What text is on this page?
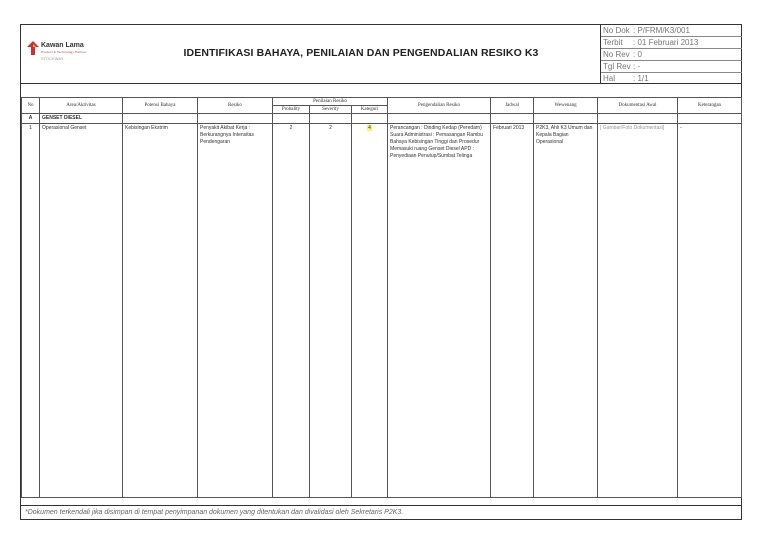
Kawan Lama
Product & Technology Partner
STOCKWAY	IDENTIFIKASI BAHAYA, PENILAIAN DAN PENGENDALIAN RESIKO K3
No Dok : P/FRM/K3/001
Terbit : 01 Februari 2013
No Rev : 0
Tgl Rev : -
Hal : 1/1
No	Area/Aktivitas	Potensi Bahaya	Resiko	Penilaian Resiko			Pengendalian Resiko	Jadwal	Wewenang	Dokumentasi Awal	Keterangan
				Probality	Severity	Kategori					
A	GENSET DIESEL										
1	Operasional Genset	Kebisingan Ekstrim	Penyakit Akibat Kerja : Berkurangnya Intensitas Pendengaran	2	2	4	Perancangan : Dinding Kedap (Peredam) Suara Administrasi : Pemasangan Rambu Bahaya Kebisingan Tinggi dan Prosedur Memasuki ruang Genset Diesel APD : Penyediaan Penutup/Sumbat Telinga	Februari 2013	P2K3, Ahli K3 Umum dan Kepala Bagian Operasional	[ Gambar/Foto Dokumentasi]	-
*Dokumen terkendali jika disimpan di tempat penyimpanan dokumen yang ditentukan dan divalidasi oleh Sekretaris P2K3.
